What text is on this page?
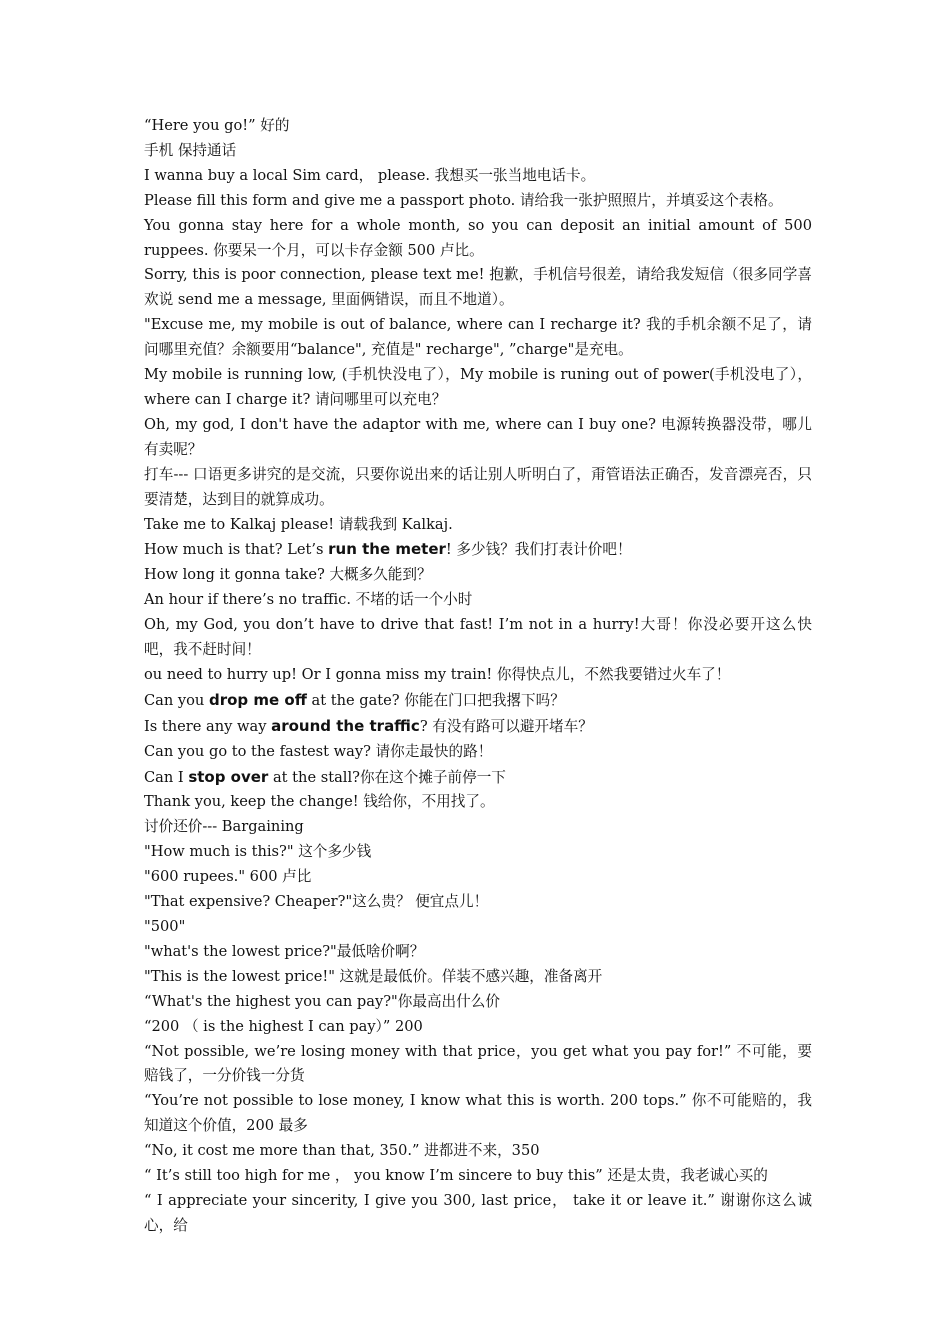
“Here you go!” 好的

手机 保持通话

I wanna buy a local Sim card， please. 我想买一张当地电话卡。

Please fill this form and give me a passport photo. 请给我一张护照照片，并填妥这个表格。

You gonna stay here for a whole month, so you can deposit an initial amount of 500 ruppees. 你要呆一个月，可以卡存金额 500 卢比。

Sorry, this is poor connection, please text me! 抱歉，手机信号很差，请给我发短信（很多同学喜欢说 send me a message, 里面俩错误，而且不地道）。

"Excuse me, my mobile is out of balance, where can I recharge it? 我的手机余额不足了，请问哪里充值？余额要用“balance", 充值是" recharge", ”charge"是充电。

My mobile is running low, (手机快没电了），My mobile is runing out of power(手机没电了），where can I charge it? 请问哪里可以充电？

Oh, my god, I don't have the adaptor with me, where can I buy one? 电源转换器没带，哪儿有卖呢？

打车--- 口语更多讲究的是交流，只要你说出来的话让别人听明白了，甭管语法正确否，发音漂亮否，只要清楚，达到目的就算成功。

Take me to Kalkaj please! 请载我到 Kalkaj.

How much is that? Let’s run the meter! 多少钱？我们打表计价吧！

How long it gonna take? 大概多久能到？

An hour if there’s no traffic. 不堵的话一个小时

Oh, my God, you don’t have to drive that fast! I’m not in a hurry!大哥！你没必要开这么快吧，我不赶时间！

ou need to hurry up! Or I gonna miss my train! 你得快点儿，不然我要错过火车了！

Can you drop me off at the gate? 你能在门口把我撂下吗？

Is there any way around the traffic? 有没有路可以避开堵车？

Can you go to the fastest way? 请你走最快的路！

Can I stop over at the stall?你在这个摊子前停一下

Thank you, keep the change! 钱给你，不用找了。

讨价还价--- Bargaining

"How much is this?" 这个多少钱

"600 rupees." 600 卢比

"That expensive? Cheaper?"这么贵？ 便宜点儿！

"500"

"what's the lowest price?"最低啥价啊？

"This is the lowest price!" 这就是最低价。佯装不感兴趣，准备离开

“What's the highest you can pay?"你最高出什么价

“200 （ is the highest I can pay）” 200

“Not possible, we’re losing money with that price，you get what you pay for!” 不可能，要赔钱了，一分价钱一分货

“You’re not possible to lose money, I know what this is worth. 200 tops.” 你不可能赔的，我知道这个价值，200 最多

“No, it cost me more than that, 350.” 进都进不来，350

“ It’s still too high for me ， you know I’m sincere to buy this” 还是太贵，我老诚心买的

“ I appreciate your sincerity, I give you 300, last price， take it or leave it.” 谢谢你这么诚心，给
